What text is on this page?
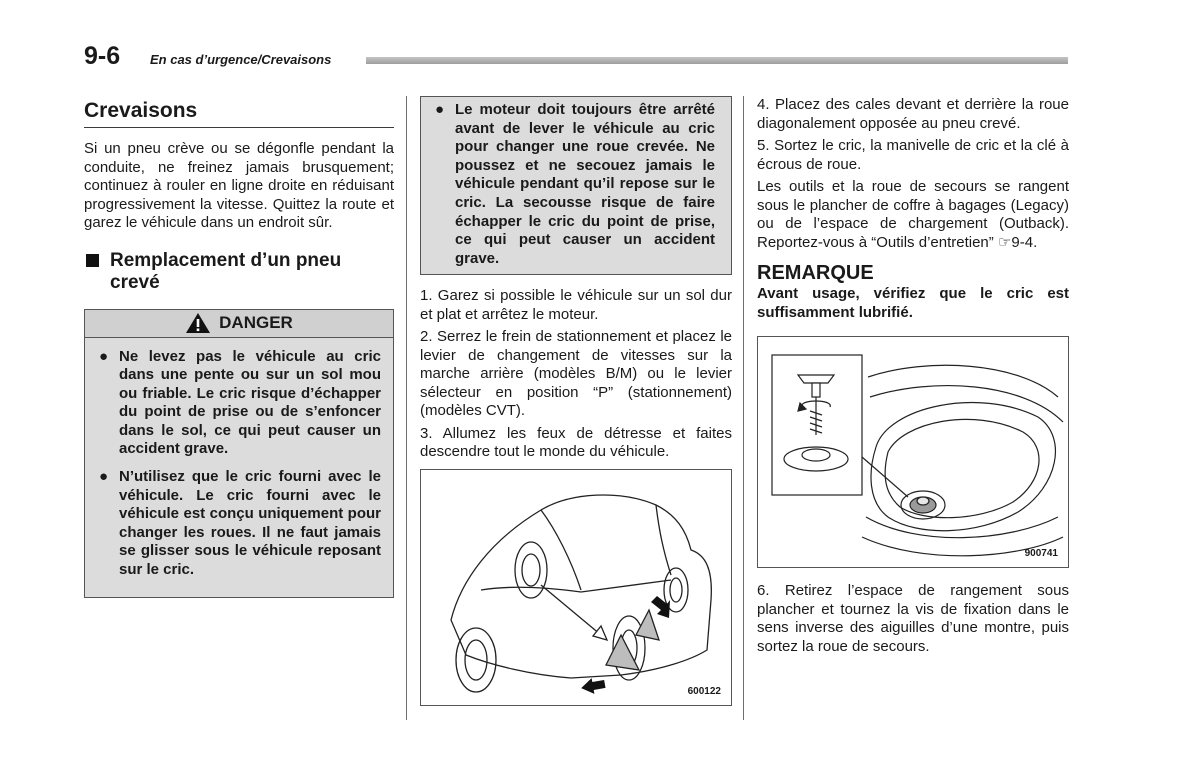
9-6 En cas d’urgence/Crevaisons
Crevaisons

Si un pneu crève ou se dégonfle pendant la conduite, ne freinez jamais brusquement; continuez à rouler en ligne droite en réduisant progressivement la vitesse. Quittez la route et garez le véhicule dans un endroit sûr.

Remplacement d’un pneu crevé
DANGER
● Ne levez pas le véhicule au cric dans une pente ou sur un sol mou ou friable. Le cric risque d’échapper du point de prise ou de s’enfoncer dans le sol, ce qui peut causer un accident grave.
● N’utilisez que le cric fourni avec le véhicule. Le cric fourni avec le véhicule est conçu uniquement pour changer les roues. Il ne faut jamais se glisser sous le véhicule reposant sur le cric.
● Le moteur doit toujours être arrêté avant de lever le véhicule au cric pour changer une roue crevée. Ne poussez et ne secouez jamais le véhicule pendant qu’il repose sur le cric. La secousse risque de faire échapper le cric du point de prise, ce qui peut causer un accident grave.

1. Garez si possible le véhicule sur un sol dur et plat et arrêtez le moteur.

2. Serrez le frein de stationnement et placez le levier de changement de vitesses sur la marche arrière (modèles B/M) ou le levier sélecteur en position “P” (stationnement) (modèles CVT).

3. Allumez les feux de détresse et faites descendre tout le monde du véhicule.

600122

4. Placez des cales devant et derrière la roue diagonalement opposée au pneu crevé.

5. Sortez le cric, la manivelle de cric et la clé à écrous de roue.

Les outils et la roue de secours se rangent sous le plancher de coffre à bagages (Legacy) ou de l’espace de chargement (Outback). Reportez-vous à “Outils d’entretien” ☞9-4.

REMARQUE

Avant usage, vérifiez que le cric est suffisamment lubrifié.

900741

6. Retirez l’espace de rangement sous plancher et tournez la vis de fixation dans le sens inverse des aiguilles d’une montre, puis sortez la roue de secours.
